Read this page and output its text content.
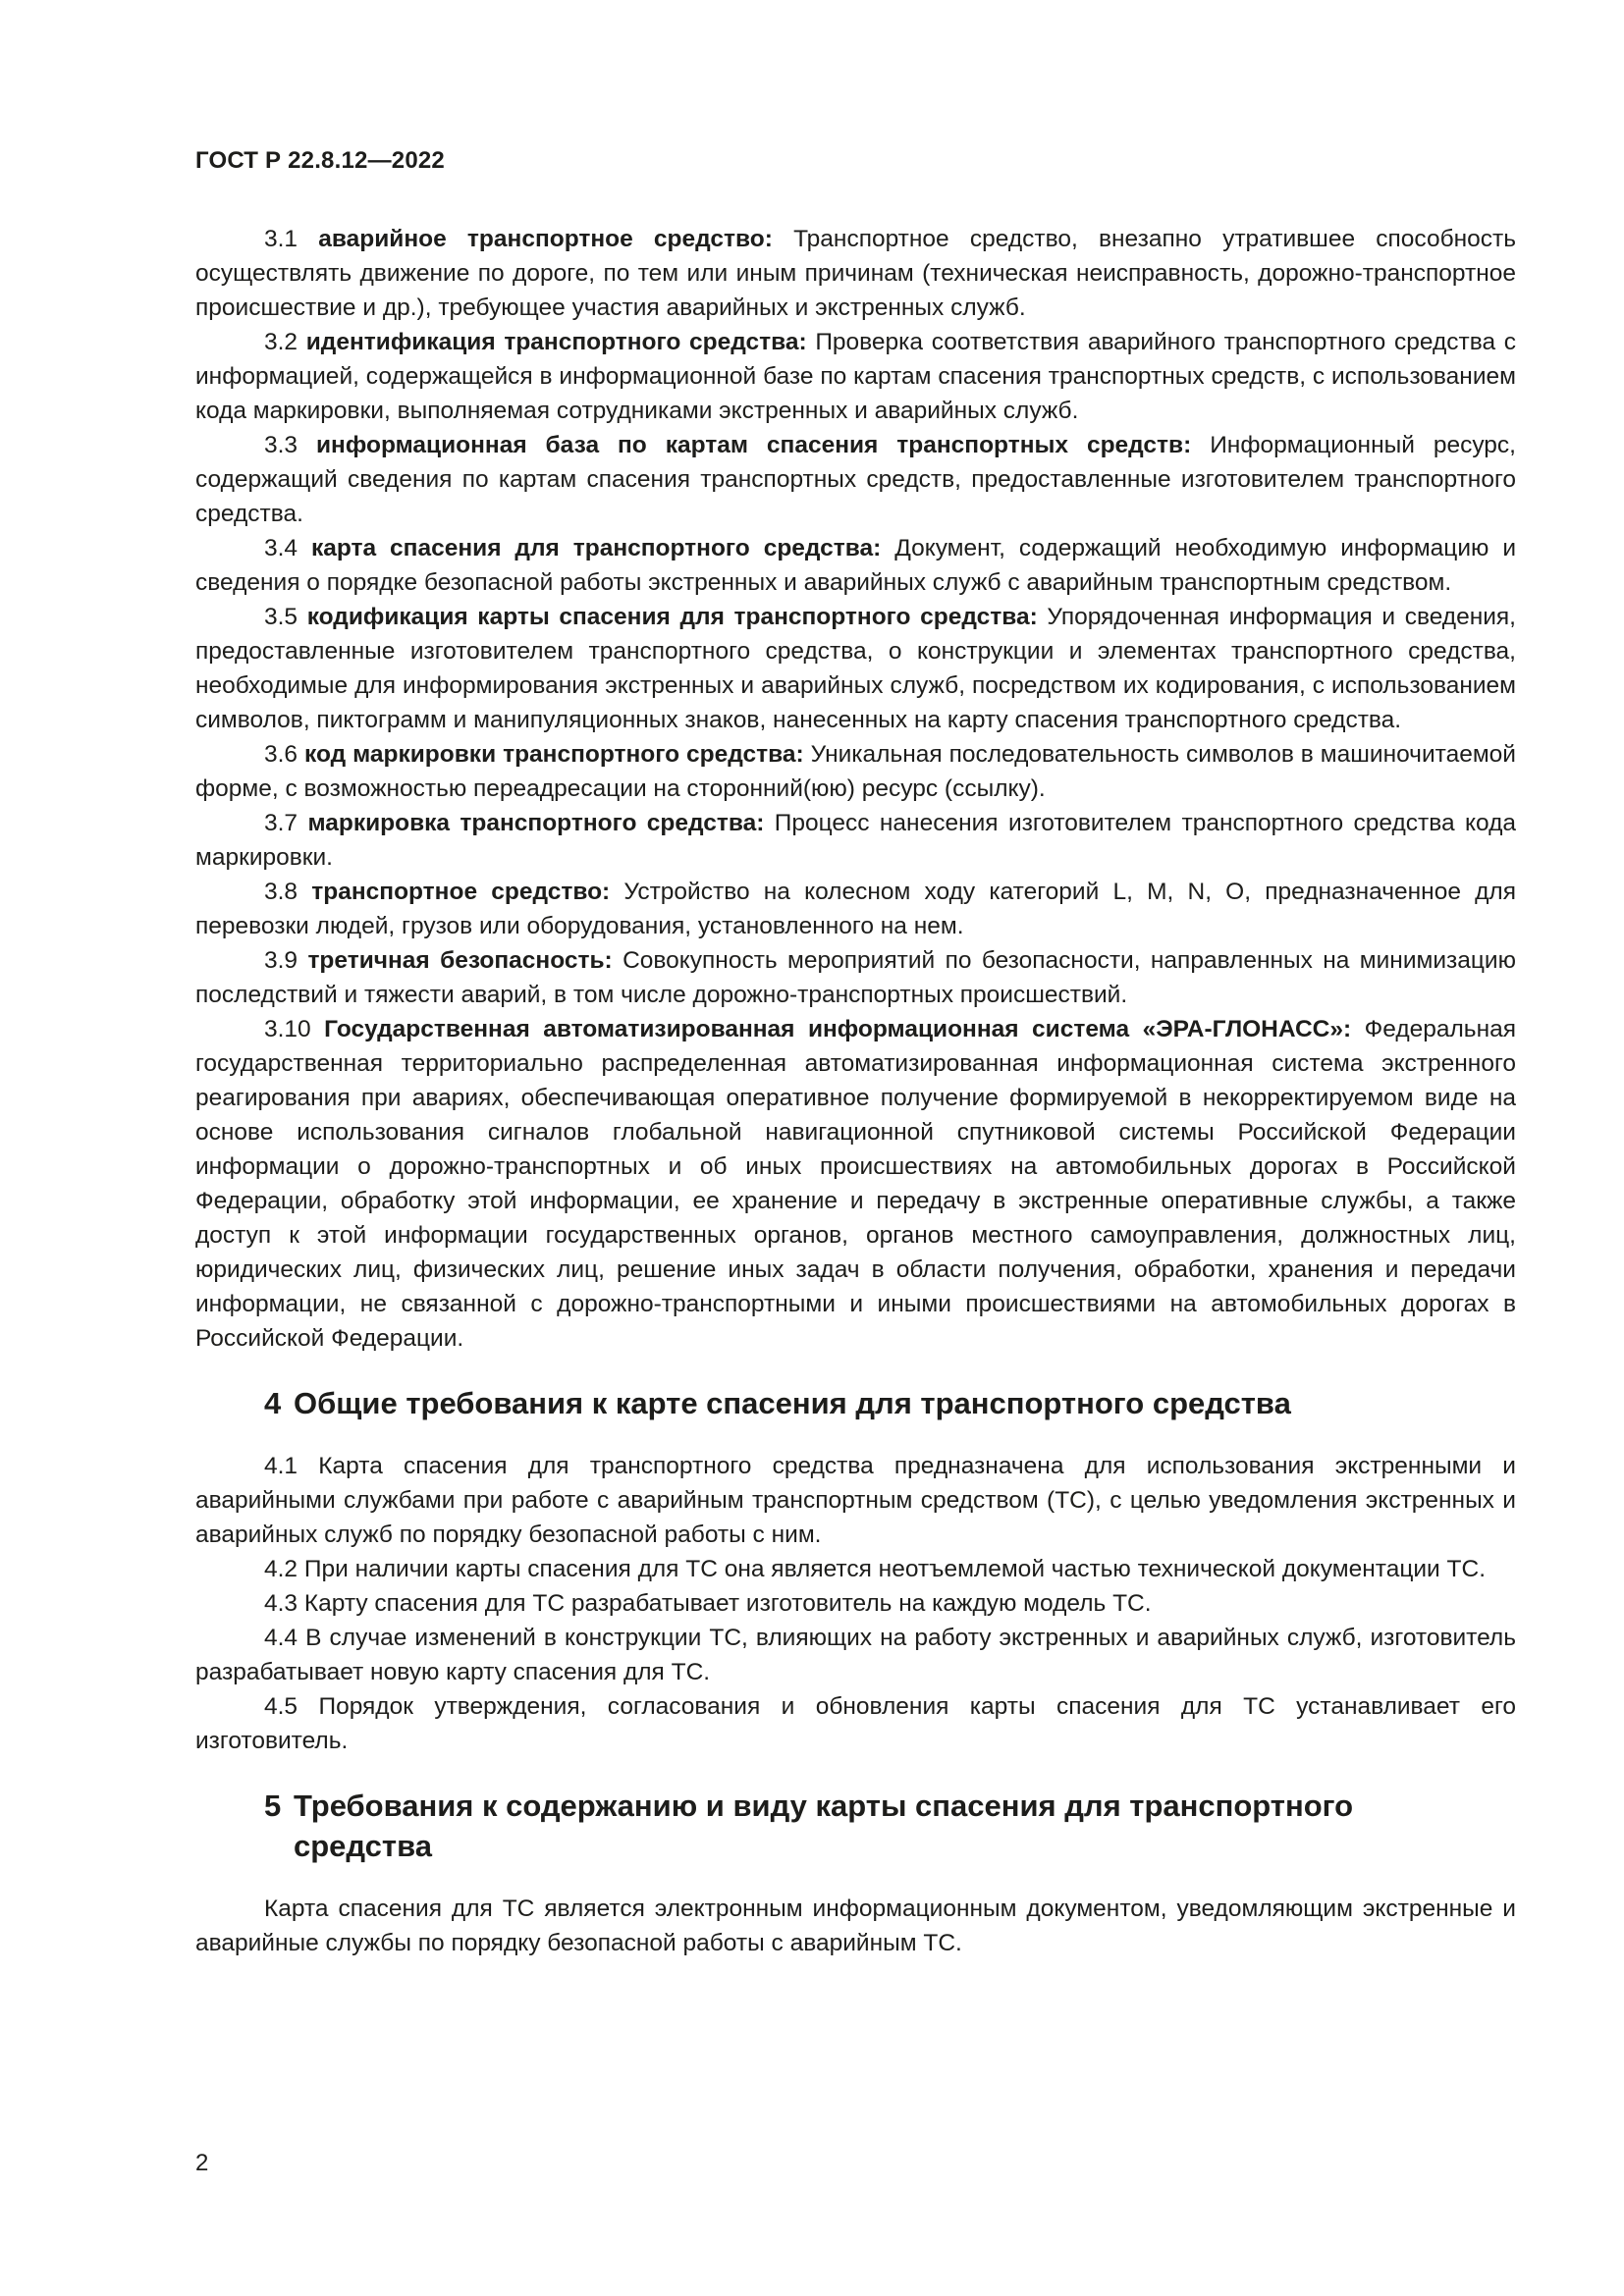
ГОСТ Р 22.8.12—2022

3.1 аварийное транспортное средство: Транспортное средство, внезапно утратившее способность осуществлять движение по дороге, по тем или иным причинам (техническая неисправность, дорожно-транспортное происшествие и др.), требующее участия аварийных и экстренных служб.

3.2 идентификация транспортного средства: Проверка соответствия аварийного транспортного средства с информацией, содержащейся в информационной базе по картам спасения транспортных средств, с использованием кода маркировки, выполняемая сотрудниками экстренных и аварийных служб.

3.3 информационная база по картам спасения транспортных средств: Информационный ресурс, содержащий сведения по картам спасения транспортных средств, предоставленные изготовителем транспортного средства.

3.4 карта спасения для транспортного средства: Документ, содержащий необходимую информацию и сведения о порядке безопасной работы экстренных и аварийных служб с аварийным транспортным средством.

3.5 кодификация карты спасения для транспортного средства: Упорядоченная информация и сведения, предоставленные изготовителем транспортного средства, о конструкции и элементах транспортного средства, необходимые для информирования экстренных и аварийных служб, посредством их кодирования, с использованием символов, пиктограмм и манипуляционных знаков, нанесенных на карту спасения транспортного средства.

3.6 код маркировки транспортного средства: Уникальная последовательность символов в машиночитаемой форме, с возможностью переадресации на сторонний(юю) ресурс (ссылку).

3.7 маркировка транспортного средства: Процесс нанесения изготовителем транспортного средства кода маркировки.

3.8 транспортное средство: Устройство на колесном ходу категорий L, M, N, O, предназначенное для перевозки людей, грузов или оборудования, установленного на нем.

3.9 третичная безопасность: Совокупность мероприятий по безопасности, направленных на минимизацию последствий и тяжести аварий, в том числе дорожно-транспортных происшествий.

3.10 Государственная автоматизированная информационная система «ЭРА-ГЛОНАСС»: Федеральная государственная территориально распределенная автоматизированная информационная система экстренного реагирования при авариях, обеспечивающая оперативное получение формируемой в некорректируемом виде на основе использования сигналов глобальной навигационной спутниковой системы Российской Федерации информации о дорожно-транспортных и об иных происшествиях на автомобильных дорогах в Российской Федерации, обработку этой информации, ее хранение и передачу в экстренные оперативные службы, а также доступ к этой информации государственных органов, органов местного самоуправления, должностных лиц, юридических лиц, физических лиц, решение иных задач в области получения, обработки, хранения и передачи информации, не связанной с дорожно-транспортными и иными происшествиями на автомобильных дорогах в Российской Федерации.

4 Общие требования к карте спасения для транспортного средства

4.1 Карта спасения для транспортного средства предназначена для использования экстренными и аварийными службами при работе с аварийным транспортным средством (ТС), с целью уведомления экстренных и аварийных служб по порядку безопасной работы с ним.

4.2 При наличии карты спасения для ТС она является неотъемлемой частью технической документации ТС.

4.3 Карту спасения для ТС разрабатывает изготовитель на каждую модель ТС.

4.4 В случае изменений в конструкции ТС, влияющих на работу экстренных и аварийных служб, изготовитель разрабатывает новую карту спасения для ТС.

4.5 Порядок утверждения, согласования и обновления карты спасения для ТС устанавливает его изготовитель.

5 Требования к содержанию и виду карты спасения для транспортного средства

Карта спасения для ТС является электронным информационным документом, уведомляющим экстренные и аварийные службы по порядку безопасной работы с аварийным ТС.

2
